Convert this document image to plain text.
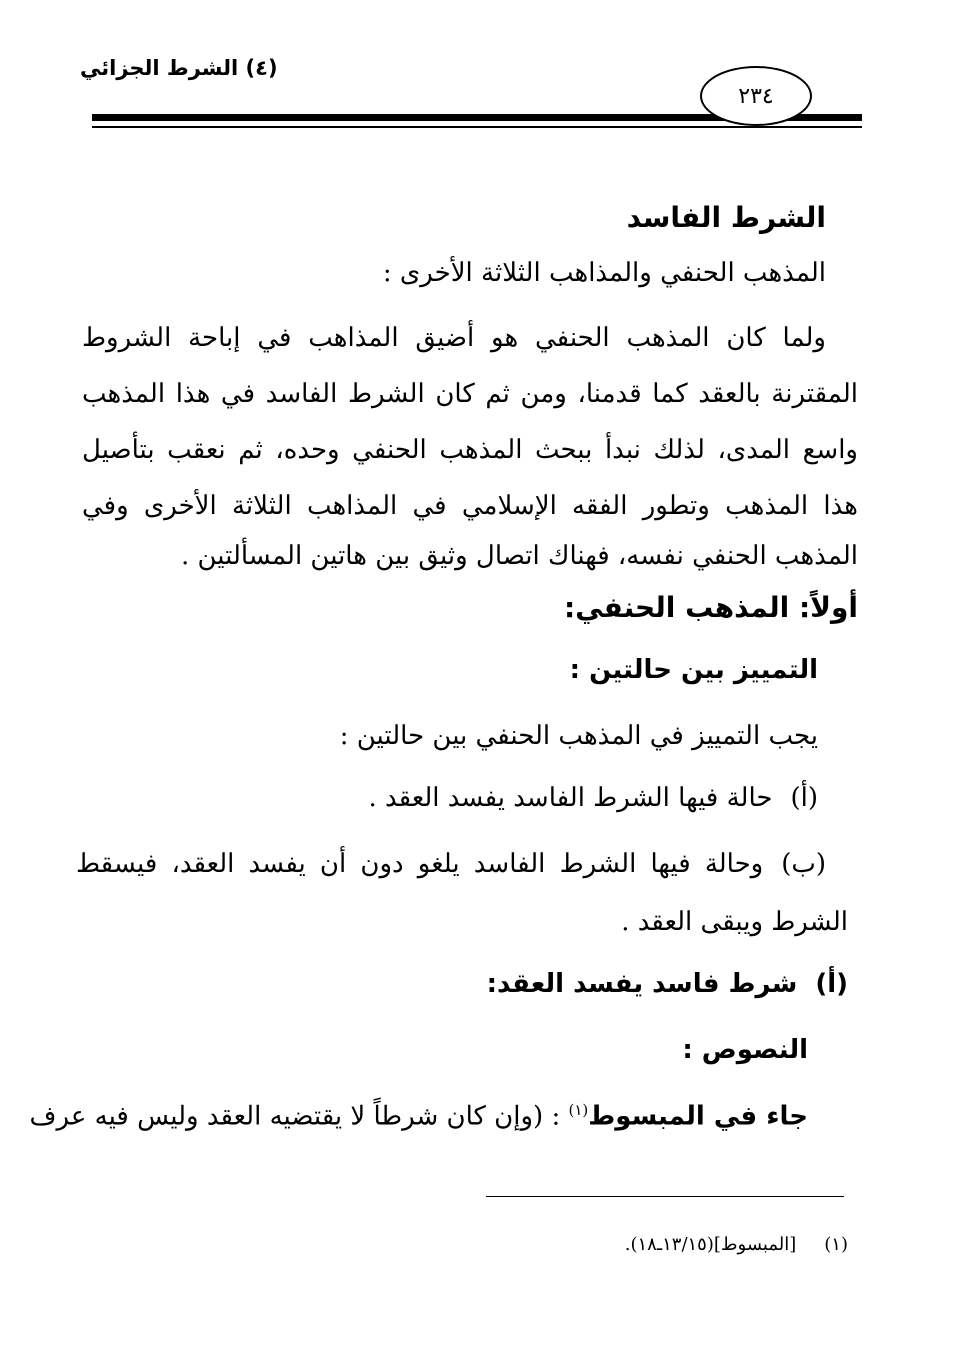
(٤) الشرط الجزائي
٢٣٤
الشرط الفاسد
المذهب الحنفي والمذاهب الثلاثة الأخرى :
ولما كان المذهب الحنفي هو أضيق المذاهب في إباحة الشروط
المقترنة بالعقد كما قدمنا، ومن ثم كان الشرط الفاسد في هذا المذهب
واسع المدى، لذلك نبدأ ببحث المذهب الحنفي وحده، ثم نعقب بتأصيل
هذا المذهب وتطور الفقه الإسلامي في المذاهب الثلاثة الأخرى وفي
المذهب الحنفي نفسه، فهناك اتصال وثيق بين هاتين المسألتين .
أولاً: المذهب الحنفي:
التمييز بين حالتين :
يجب التمييز في المذهب الحنفي بين حالتين :
(أ)حالة فيها الشرط الفاسد يفسد العقد .
(ب)وحالة فيها الشرط الفاسد يلغو دون أن يفسد العقد، فيسقط
الشرط ويبقى العقد .
(أ)شرط فاسد يفسد العقد:
النصوص :
جاء في المبسوط$^{(١)}$ : (وإن كان شرطاً لا يقتضيه العقد وليس فيه عرف
(١)[المبسوط](١٣/١٥ـ١٨).
